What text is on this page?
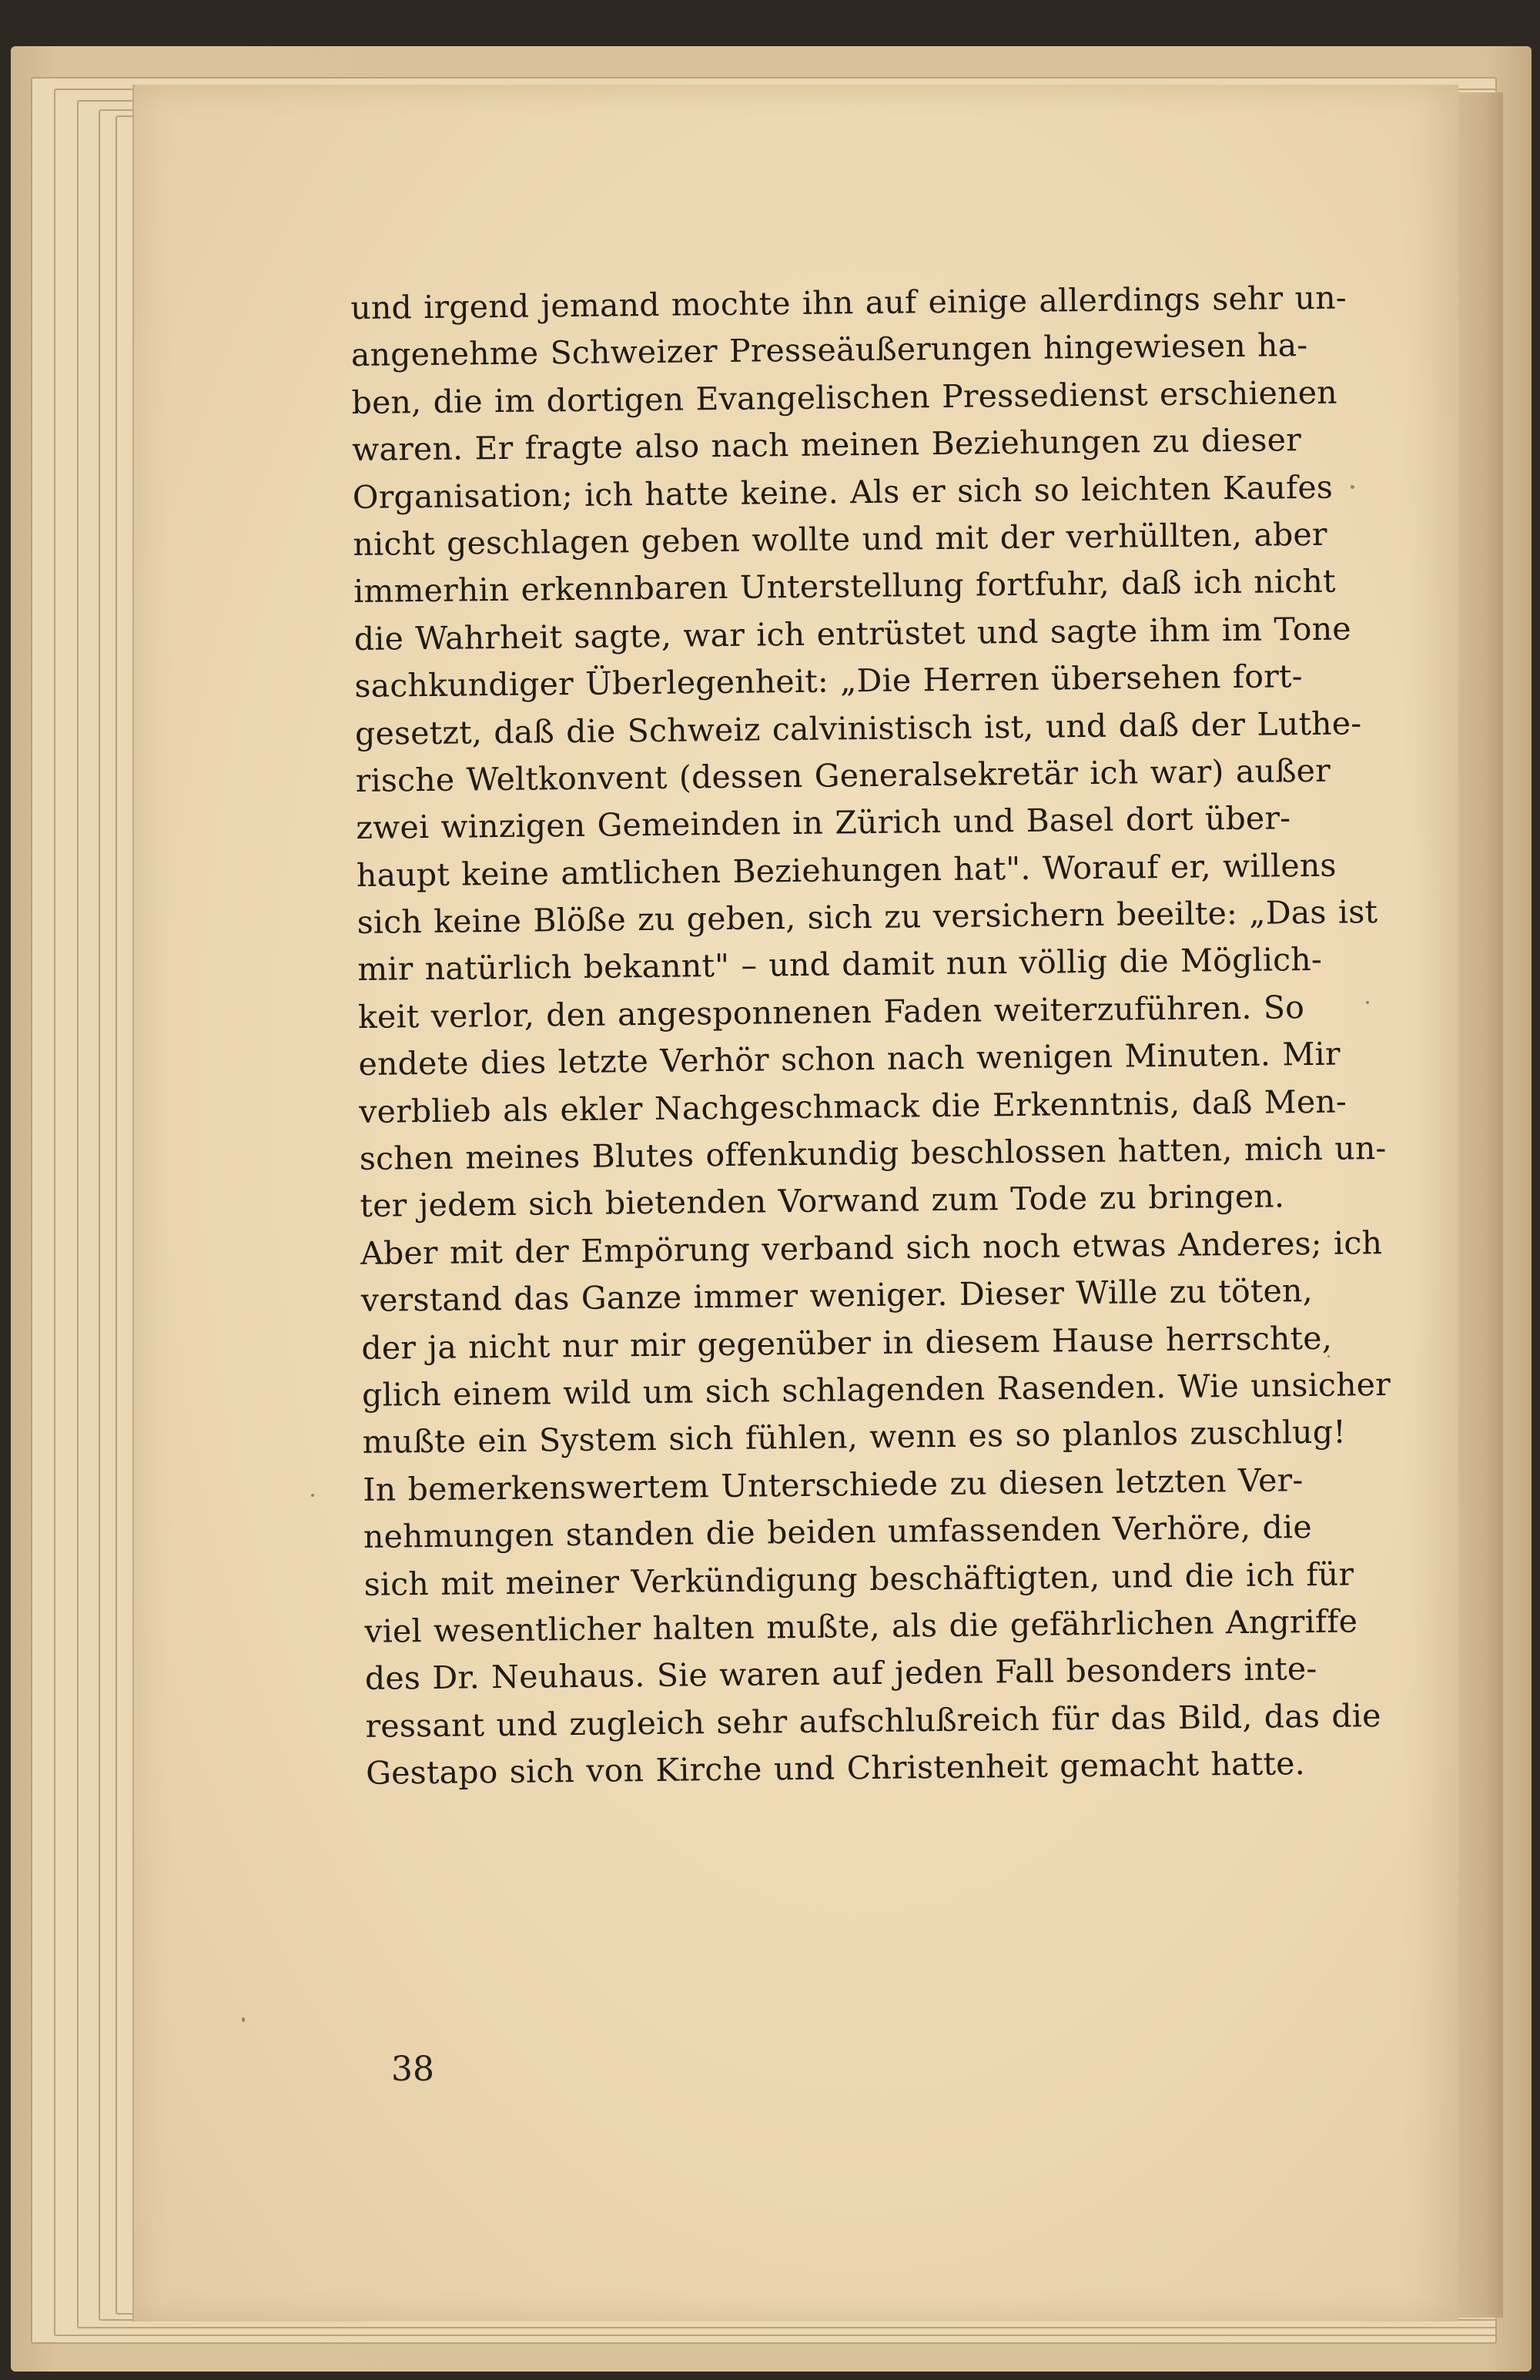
und irgend jemand mochte ihn auf einige allerdings sehr un-
angenehme Schweizer Presseäußerungen hingewiesen ha-
ben, die im dortigen Evangelischen Pressedienst erschienen
waren. Er fragte also nach meinen Beziehungen zu dieser
Organisation; ich hatte keine. Als er sich so leichten Kaufes
nicht geschlagen geben wollte und mit der verhüllten, aber
immerhin erkennbaren Unterstellung fortfuhr, daß ich nicht
die Wahrheit sagte, war ich entrüstet und sagte ihm im Tone
sachkundiger Überlegenheit: „Die Herren übersehen fort-
gesetzt, daß die Schweiz calvinistisch ist, und daß der Luthe-
rische Weltkonvent (dessen Generalsekretär ich war) außer
zwei winzigen Gemeinden in Zürich und Basel dort über-
haupt keine amtlichen Beziehungen hat". Worauf er, willens
sich keine Blöße zu geben, sich zu versichern beeilte: „Das ist
mir natürlich bekannt" – und damit nun völlig die Möglich-
keit verlor, den angesponnenen Faden weiterzuführen. So
endete dies letzte Verhör schon nach wenigen Minuten. Mir
verblieb als ekler Nachgeschmack die Erkenntnis, daß Men-
schen meines Blutes offenkundig beschlossen hatten, mich un-
ter jedem sich bietenden Vorwand zum Tode zu bringen.
Aber mit der Empörung verband sich noch etwas Anderes; ich
verstand das Ganze immer weniger. Dieser Wille zu töten,
der ja nicht nur mir gegenüber in diesem Hause herrschte,
glich einem wild um sich schlagenden Rasenden. Wie unsicher
mußte ein System sich fühlen, wenn es so planlos zuschlug!
In bemerkenswertem Unterschiede zu diesen letzten Ver-
nehmungen standen die beiden umfassenden Verhöre, die
sich mit meiner Verkündigung beschäftigten, und die ich für
viel wesentlicher halten mußte, als die gefährlichen Angriffe
des Dr. Neuhaus. Sie waren auf jeden Fall besonders inte-
ressant und zugleich sehr aufschlußreich für das Bild, das die
Gestapo sich von Kirche und Christenheit gemacht hatte.
38
